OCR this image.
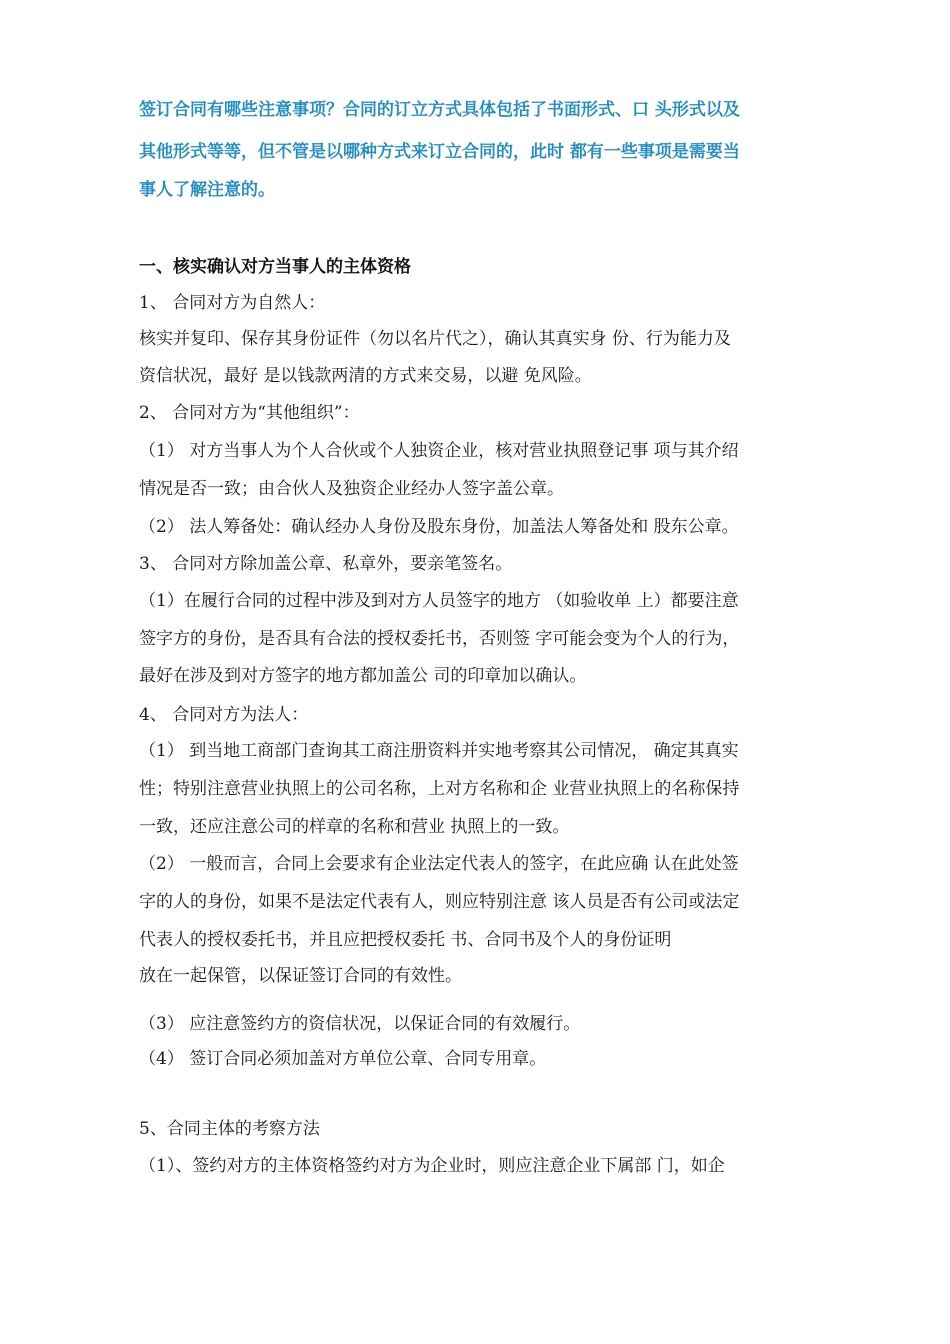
签订合同有哪些注意事项？合同的订立方式具体包括了书面形式、口 头形式以及
其他形式等等，但不管是以哪种方式来订立合同的，此时 都有一些事项是需要当
事人了解注意的。
一、核实确认对方当事人的主体资格
1、 合同对方为自然人：
核实并复印、保存其身份证件（勿以名片代之），确认其真实身 份、行为能力及
资信状况，最好 是以钱款两清的方式来交易，以避 免风险。
2、 合同对方为“其他组织”：
（1） 对方当事人为个人合伙或个人独资企业，核对营业执照登记事 项与其介绍
情况是否一致；由合伙人及独资企业经办人签字盖公章。
（2） 法人筹备处：确认经办人身份及股东身份，加盖法人筹备处和 股东公章。
3、 合同对方除加盖公章、私章外，要亲笔签名。
（1）在履行合同的过程中涉及到对方人员签字的地方 （如验收单 上）都要注意
签字方的身份，是否具有合法的授权委托书，否则签 字可能会变为个人的行为，
最好在涉及到对方签字的地方都加盖公 司的印章加以确认。
4、 合同对方为法人：
（1） 到当地工商部门查询其工商注册资料并实地考察其公司情况， 确定其真实
性；特别注意营业执照上的公司名称，上对方名称和企 业营业执照上的名称保持
一致，还应注意公司的样章的名称和营业 执照上的一致。
（2） 一般而言，合同上会要求有企业法定代表人的签字，在此应确 认在此处签
字的人的身份，如果不是法定代表有人，则应特别注意 该人员是否有公司或法定
代表人的授权委托书，并且应把授权委托 书、合同书及个人的身份证明
放在一起保管，以保证签订合同的有效性。
（3） 应注意签约方的资信状况，以保证合同的有效履行。
（4） 签订合同必须加盖对方单位公章、合同专用章。
5、合同主体的考察方法
（1）、签约对方的主体资格签约对方为企业时，则应注意企业下属部 门，如企
